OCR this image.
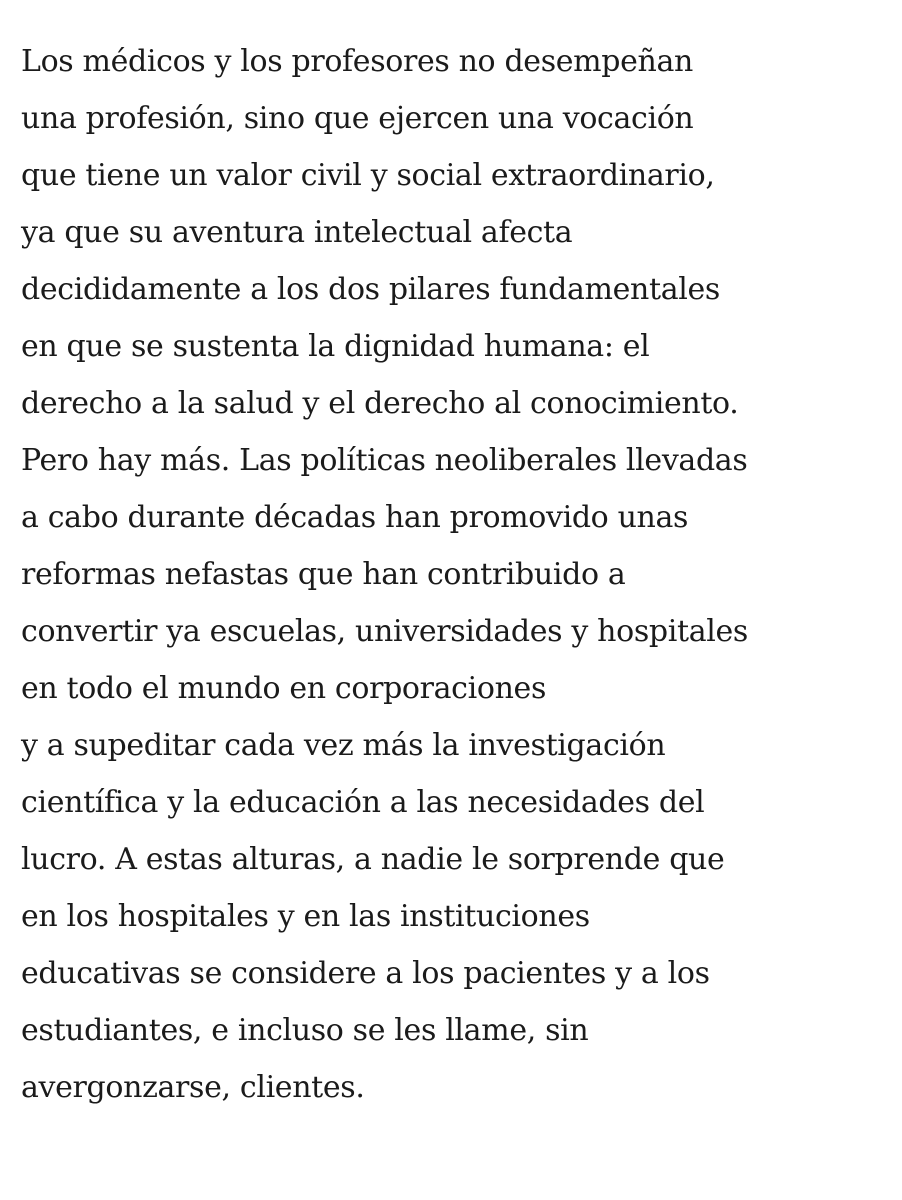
Los médicos y los profesores no desempeñan
una profesión, sino que ejercen una vocación
que tiene un valor civil y social extraordinario,
ya que su aventura intelectual afecta
decididamente a los dos pilares fundamentales
en que se sustenta la dignidad humana: el
derecho a la salud y el derecho al conocimiento.
Pero hay más. Las políticas neoliberales llevadas
a cabo durante décadas han promovido unas
reformas nefastas que han contribuido a
convertir ya escuelas, universidades y hospitales
en todo el mundo en corporaciones
y a supeditar cada vez más la investigación
científica y la educación a las necesidades del
lucro. A estas alturas, a nadie le sorprende que
en los hospitales y en las instituciones
educativas se considere a los pacientes y a los
estudiantes, e incluso se les llame, sin
avergonzarse, clientes.
